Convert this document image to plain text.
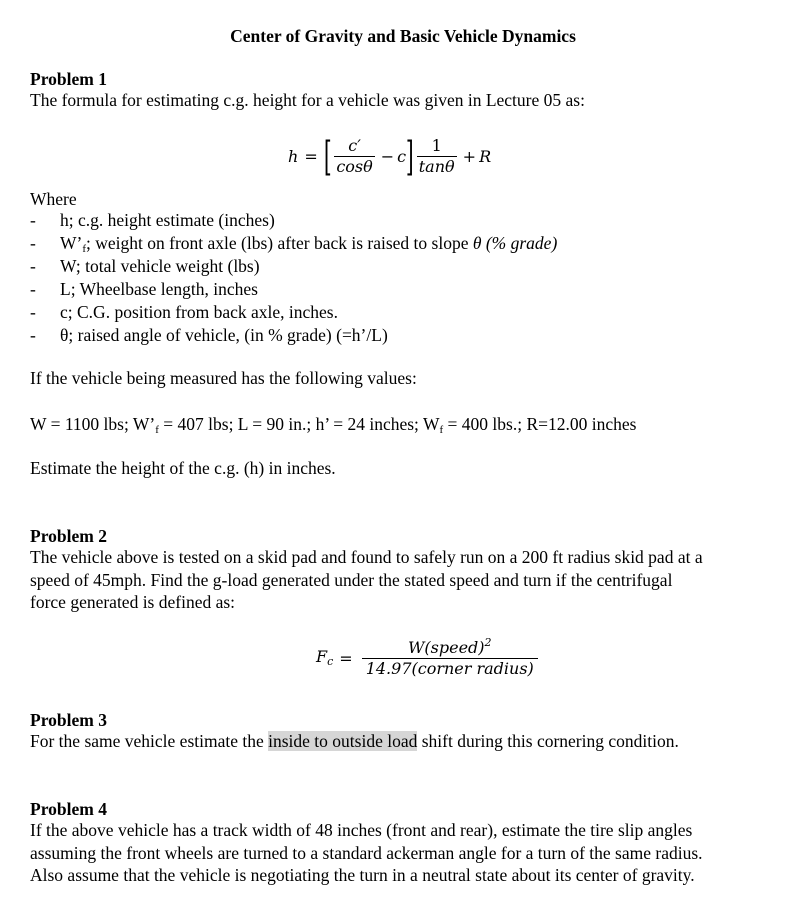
Center of Gravity and Basic Vehicle Dynamics
Problem 1
The formula for estimating c.g. height for a vehicle was given in Lecture 05 as:
h = [ $\frac{c'}{\cos\theta} - c$ ] $\frac{1}{\tan\theta} + R$
Where
- h; c.g. height estimate (inches)
- $W’_f$; weight on front axle (lbs) after back is raised to slope θ (% grade)
- W; total vehicle weight (lbs)
- L; Wheelbase length, inches
- c; C.G. position from back axle, inches.
- θ; raised angle of vehicle, (in % grade) (=h’/L)
If the vehicle being measured has the following values:
W = 1100 lbs; $W’_f = 407$ lbs; L = 90 in.; h’ = 24 inches; $W_f = 400$ lbs.; R=12.00 inches
Estimate the height of the c.g. (h) in inches.
Problem 2
The vehicle above is tested on a skid pad and found to safely run on a 200 ft radius skid pad at a
speed of 45mph. Find the g-load generated under the stated speed and turn if the centrifugal
force generated is defined as:
$F_c = \frac{W(speed)^2}{\text{14.97(corner radius)}}$
Problem 3
For the same vehicle estimate the inside to outside load shift during this cornering condition.
Problem 4
If the above vehicle has a track width of 48 inches (front and rear), estimate the tire slip angles
assuming the front wheels are turned to a standard ackerman angle for a turn of the same radius.
Also assume that the vehicle is negotiating the turn in a neutral state about its center of gravity.
